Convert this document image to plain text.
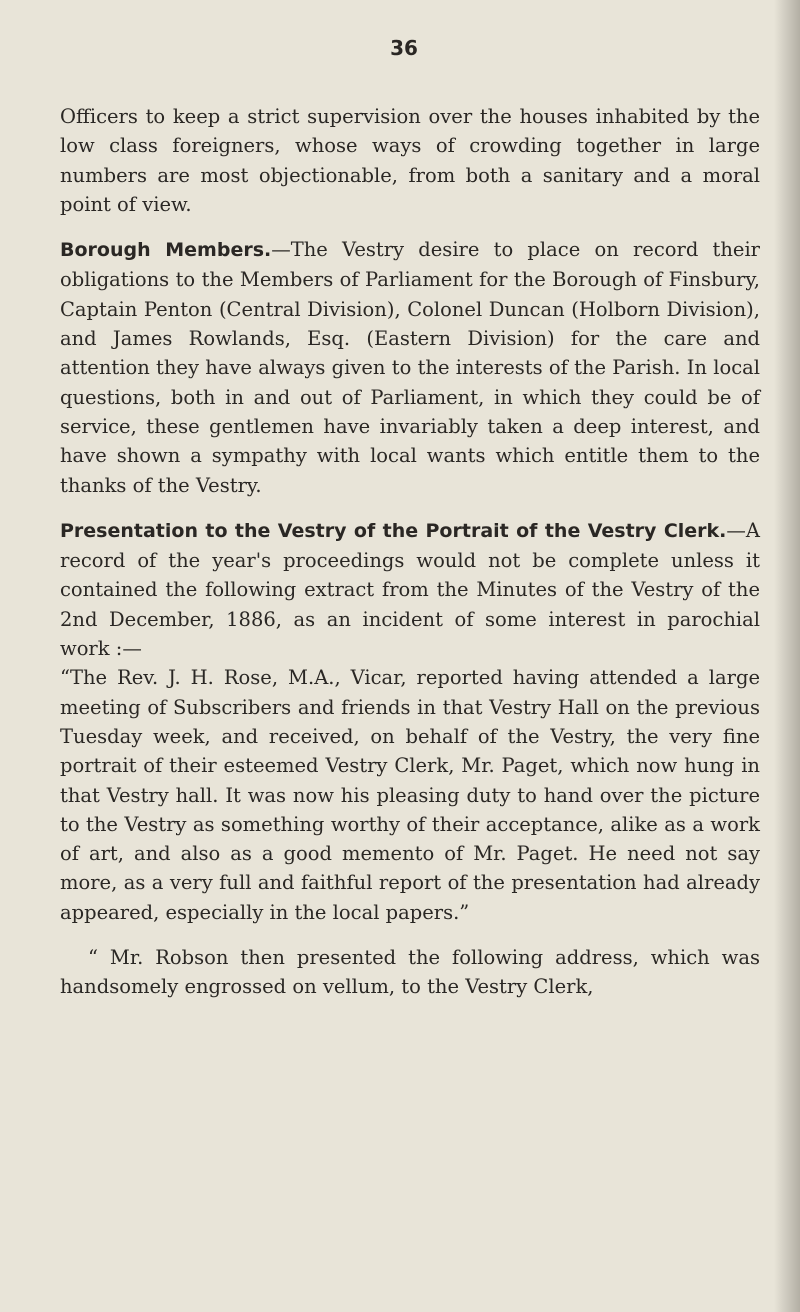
36

Officers to keep a strict supervision over the houses inhabited by the low class foreigners, whose ways of crowding together in large numbers are most objectionable, from both a sanitary and a moral point of view.

Borough Members.—The Vestry desire to place on record their obligations to the Members of Parliament for the Borough of Finsbury, Captain Penton (Central Division), Colonel Duncan (Holborn Division), and James Rowlands, Esq. (Eastern Division) for the care and attention they have always given to the interests of the Parish. In local questions, both in and out of Parliament, in which they could be of service, these gentlemen have invariably taken a deep interest, and have shown a sympathy with local wants which entitle them to the thanks of the Vestry.

Presentation to the Vestry of the Portrait of the Vestry Clerk.—A record of the year's proceedings would not be complete unless it contained the following extract from the Minutes of the Vestry of the 2nd December, 1886, as an incident of some interest in parochial work :—

“The Rev. J. H. Rose, M.A., Vicar, reported having attended a large meeting of Subscribers and friends in that Vestry Hall on the previous Tuesday week, and received, on behalf of the Vestry, the very fine portrait of their esteemed Vestry Clerk, Mr. Paget, which now hung in that Vestry hall. It was now his pleasing duty to hand over the picture to the Vestry as something worthy of their acceptance, alike as a work of art, and also as a good memento of Mr. Paget. He need not say more, as a very full and faithful report of the presentation had already appeared, especially in the local papers.”

“ Mr. Robson then presented the following address, which was handsomely engrossed on vellum, to the Vestry Clerk,
